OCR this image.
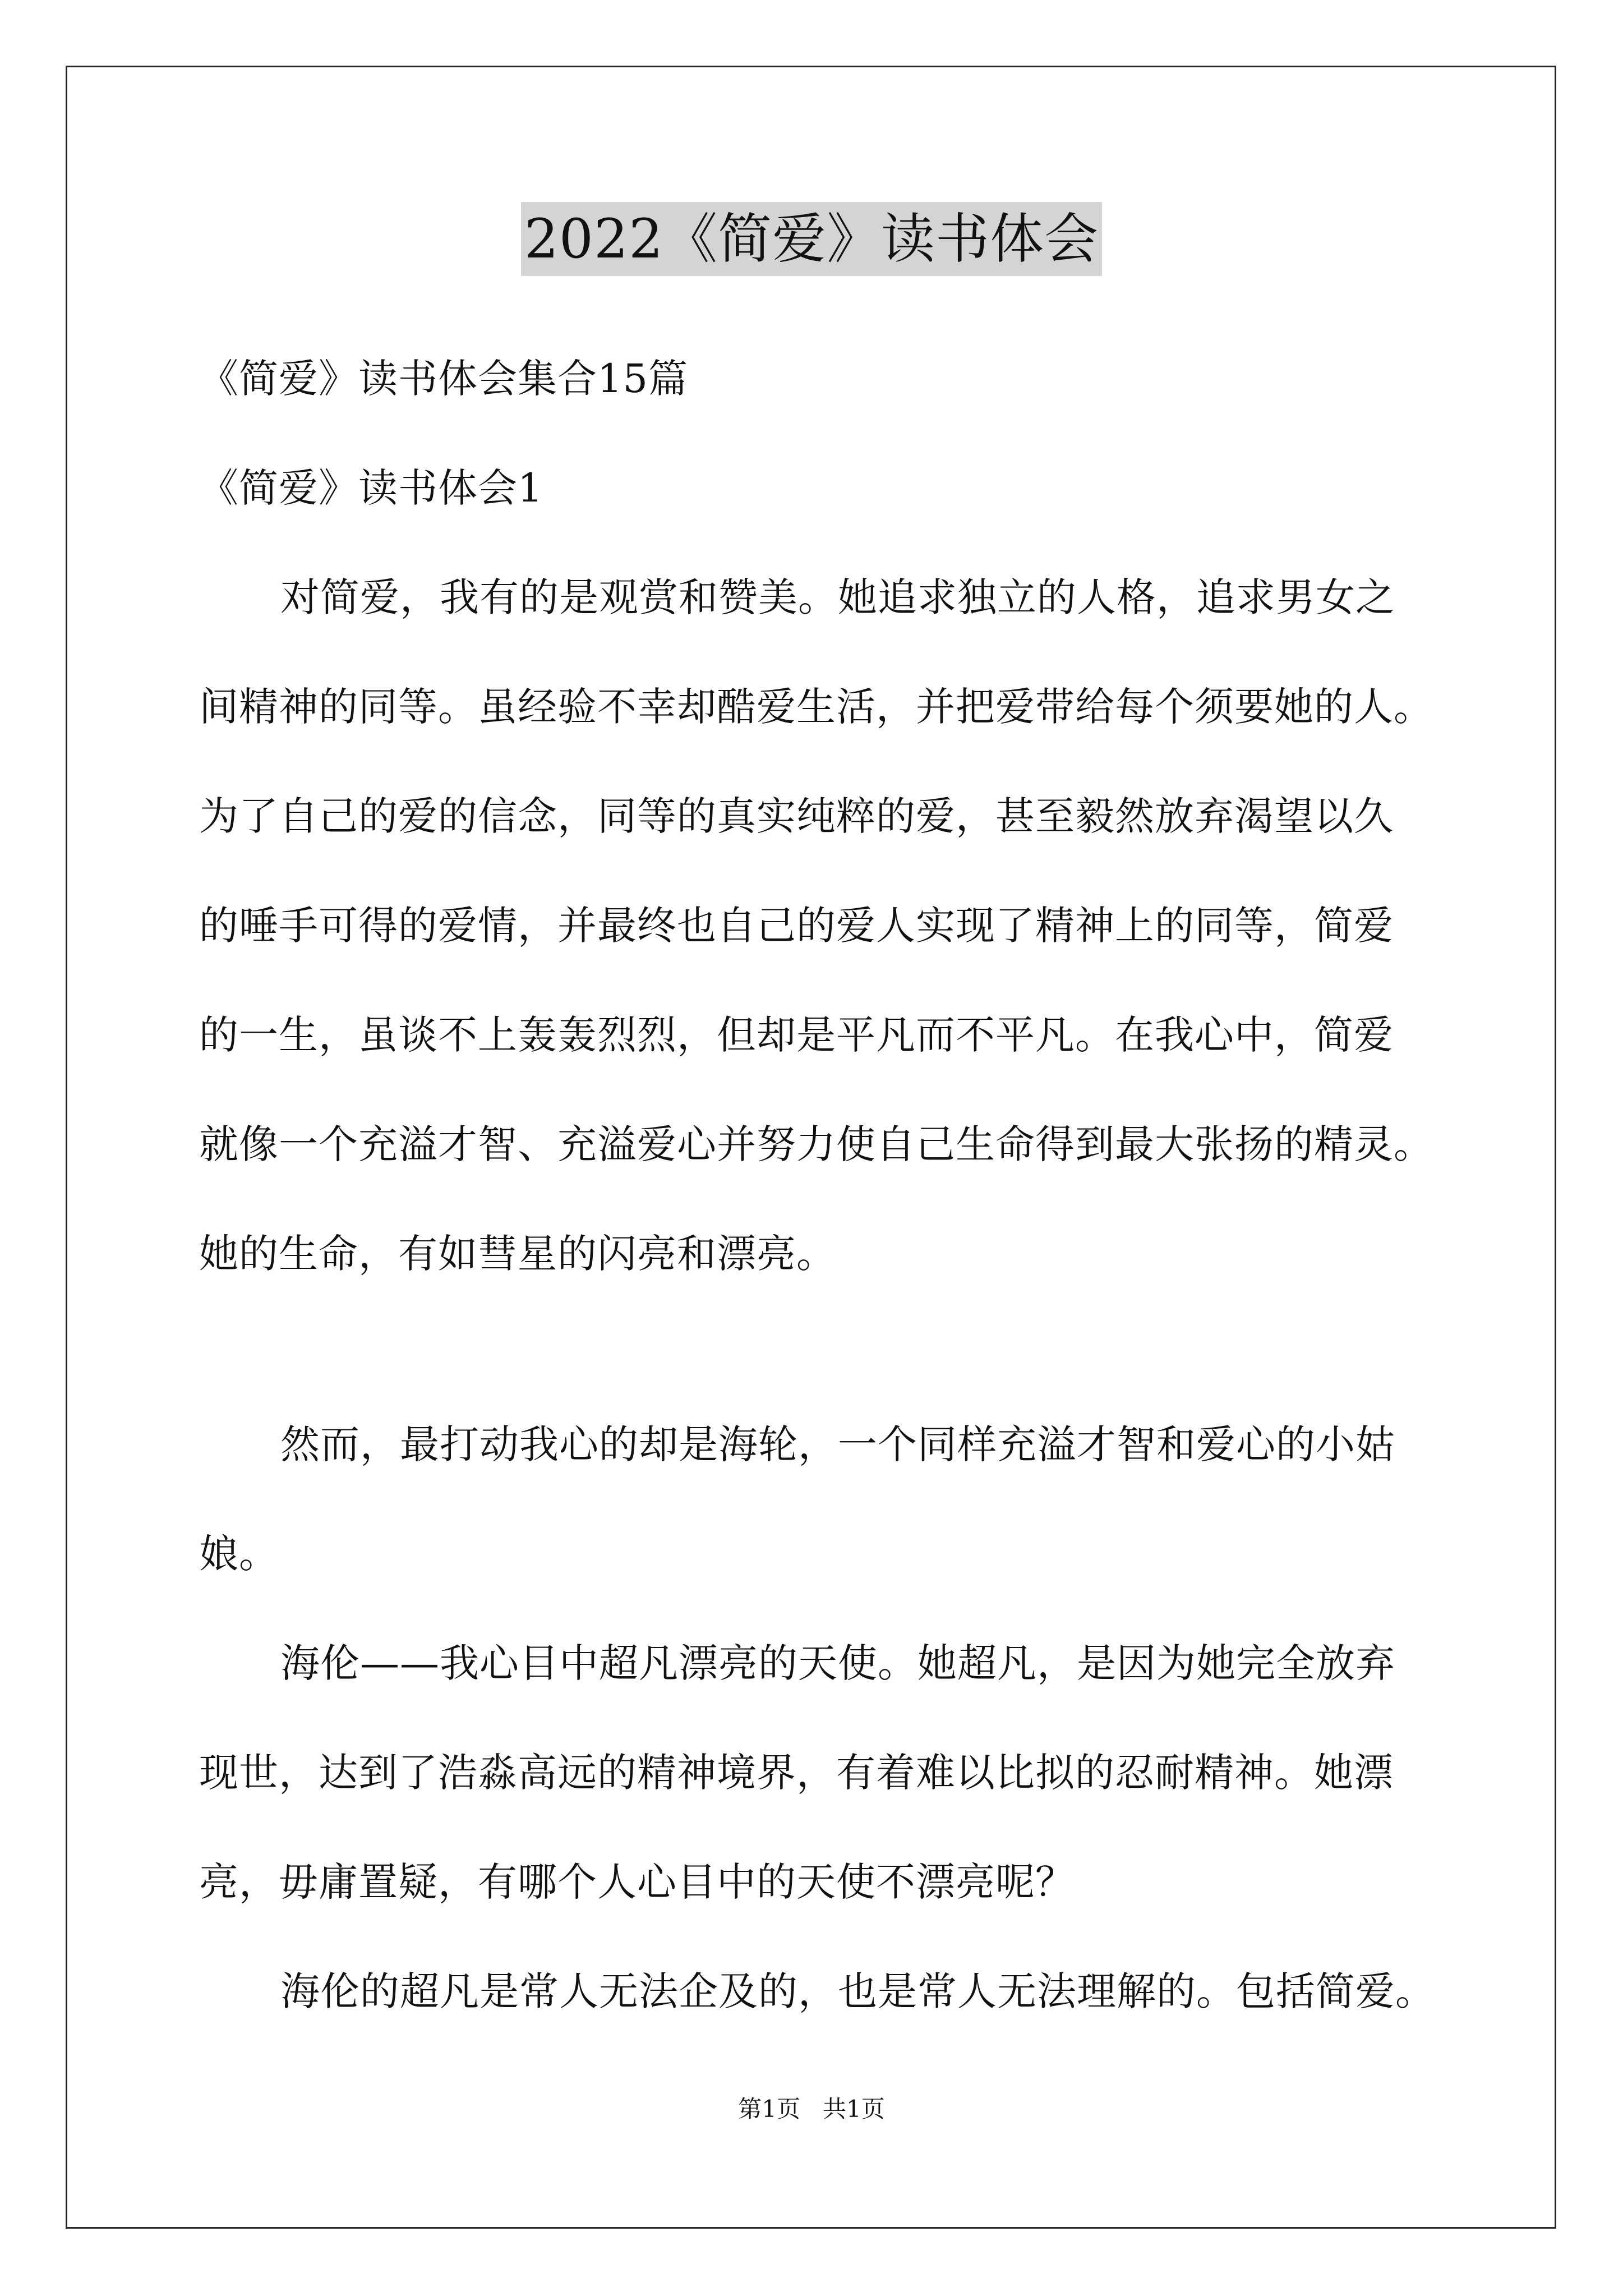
2022《简爱》读书体会
《简爱》读书体会集合15篇
《简爱》读书体会1
对简爱，我有的是观赏和赞美。她追求独立的人格，追求男女之
间精神的同等。虽经验不幸却酷爱生活，并把爱带给每个须要她的人。
为了自己的爱的信念，同等的真实纯粹的爱，甚至毅然放弃渴望以久
的唾手可得的爱情，并最终也自己的爱人实现了精神上的同等，简爱
的一生，虽谈不上轰轰烈烈，但却是平凡而不平凡。在我心中，简爱
就像一个充溢才智、充溢爱心并努力使自己生命得到最大张扬的精灵。
她的生命，有如彗星的闪亮和漂亮。
然而，最打动我心的却是海轮，一个同样充溢才智和爱心的小姑
娘。
海伦——我心目中超凡漂亮的天使。她超凡，是因为她完全放弃
现世，达到了浩淼高远的精神境界，有着难以比拟的忍耐精神。她漂
亮，毋庸置疑，有哪个人心目中的天使不漂亮呢？
海伦的超凡是常人无法企及的，也是常人无法理解的。包括简爱。
第1页   共1页
